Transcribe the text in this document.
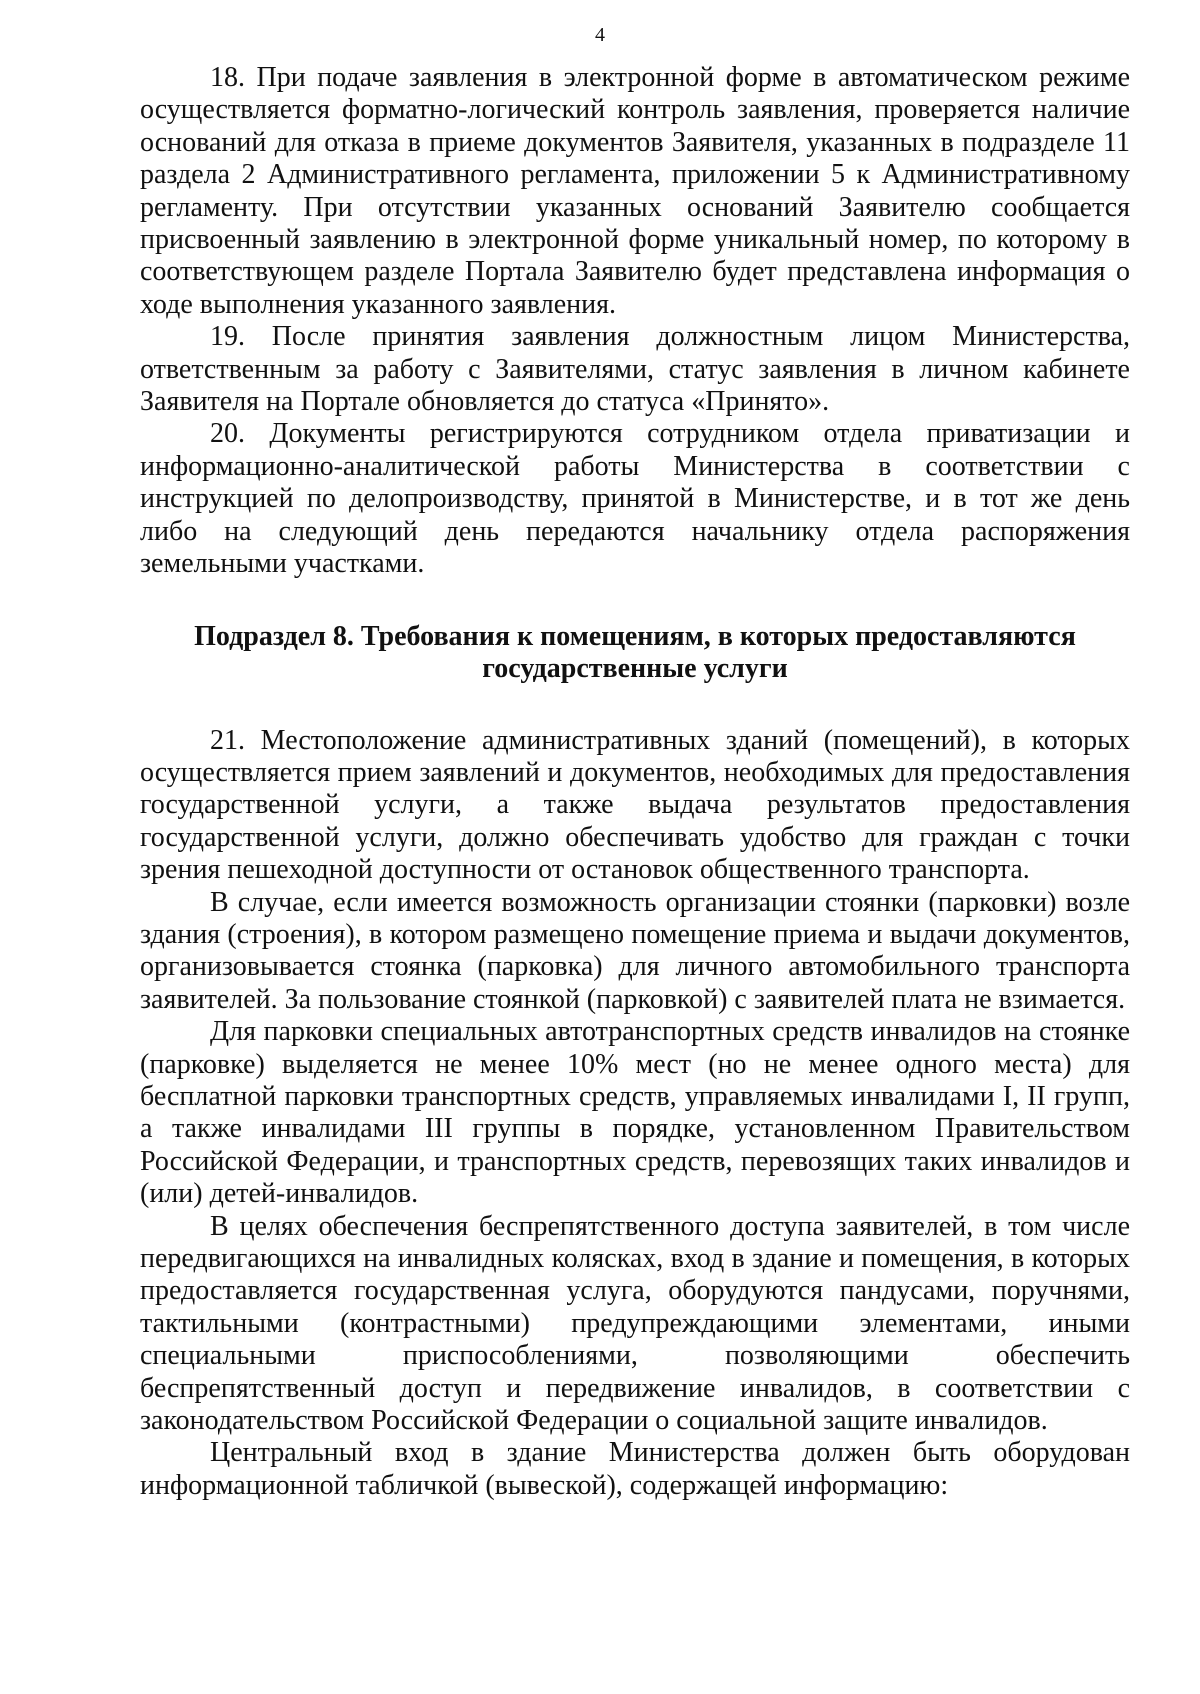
4

18. При подаче заявления в электронной форме в автоматическом режиме осуществляется форматно-логический контроль заявления, проверяется наличие оснований для отказа в приеме документов Заявителя, указанных в подразделе 11 раздела 2 Административного регламента, приложении 5 к Административному регламенту. При отсутствии указанных оснований Заявителю сообщается присвоенный заявлению в электронной форме уникальный номер, по которому в соответствующем разделе Портала Заявителю будет представлена информация о ходе выполнения указанного заявления.

19. После принятия заявления должностным лицом Министерства, ответственным за работу с Заявителями, статус заявления в личном кабинете Заявителя на Портале обновляется до статуса «Принято».

20. Документы регистрируются сотрудником отдела приватизации и информационно-аналитической работы Министерства в соответствии с инструкцией по делопроизводству, принятой в Министерстве, и в тот же день либо на следующий день передаются начальнику отдела распоряжения земельными участками.

Подраздел 8. Требования к помещениям, в которых предоставляются
государственные услуги

21. Местоположение административных зданий (помещений), в которых осуществляется прием заявлений и документов, необходимых для предоставления государственной услуги, а также выдача результатов предоставления государственной услуги, должно обеспечивать удобство для граждан с точки зрения пешеходной доступности от остановок общественного транспорта.

В случае, если имеется возможность организации стоянки (парковки) возле здания (строения), в котором размещено помещение приема и выдачи документов, организовывается стоянка (парковка) для личного автомобильного транспорта заявителей. За пользование стоянкой (парковкой) с заявителей плата не взимается.

Для парковки специальных автотранспортных средств инвалидов на стоянке (парковке) выделяется не менее 10% мест (но не менее одного места) для бесплатной парковки транспортных средств, управляемых инвалидами I, II групп, а также инвалидами III группы в порядке, установленном Правительством Российской Федерации, и транспортных средств, перевозящих таких инвалидов и (или) детей-инвалидов.

В целях обеспечения беспрепятственного доступа заявителей, в том числе передвигающихся на инвалидных колясках, вход в здание и помещения, в которых предоставляется государственная услуга, оборудуются пандусами, поручнями, тактильными (контрастными) предупреждающими элементами, иными специальными приспособлениями, позволяющими обеспечить беспрепятственный доступ и передвижение инвалидов, в соответствии с законодательством Российской Федерации о социальной защите инвалидов.

Центральный вход в здание Министерства должен быть оборудован информационной табличкой (вывеской), содержащей информацию:
